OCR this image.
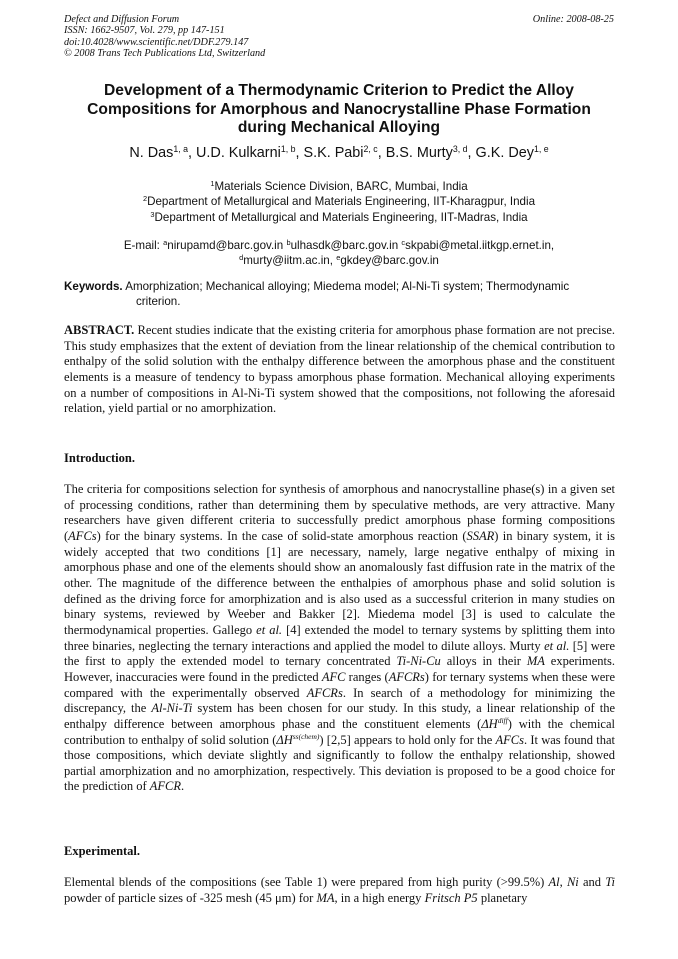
Defect and Diffusion Forum
ISSN: 1662-9507, Vol. 279, pp 147-151
doi:10.4028/www.scientific.net/DDF.279.147
© 2008 Trans Tech Publications Ltd, Switzerland
Online: 2008-08-25
Development of a Thermodynamic Criterion to Predict the Alloy
Compositions for Amorphous and Nanocrystalline Phase Formation
during Mechanical Alloying
N. Das$^{1, a}$, U.D. Kulkarni$^{1, b}$, S.K. Pabi$^{2, c}$, B.S. Murty$^{3, d}$, G.K. Dey$^{1, e}$
$^1$Materials Science Division, BARC, Mumbai, India
$^2$Department of Metallurgical and Materials Engineering, IIT-Kharagpur, India
$^3$Department of Metallurgical and Materials Engineering, IIT-Madras, India
E-mail: $^a$nirupamd@barc.gov.in $^b$ulhasdk@barc.gov.in $^c$skpabi@metal.iitkgp.ernet.in,
$^d$murty@iitm.ac.in, $^e$gkdey@barc.gov.in
Keywords. Amorphization; Mechanical alloying; Miedema model; Al-Ni-Ti system; Thermodynamic
criterion.
ABSTRACT. Recent studies indicate that the existing criteria for amorphous phase formation are not precise. This study emphasizes that the extent of deviation from the linear relationship of the chemical contribution to enthalpy of the solid solution with the enthalpy difference between the amorphous phase and the constituent elements is a measure of tendency to bypass amorphous phase formation. Mechanical alloying experiments on a number of compositions in Al-Ni-Ti system showed that the compositions, not following the aforesaid relation, yield partial or no amorphization.
Introduction.
The criteria for compositions selection for synthesis of amorphous and nanocrystalline phase(s) in a given set of processing conditions, rather than determining them by speculative methods, are very attractive. Many researchers have given different criteria to successfully predict amorphous phase forming compositions (AFCs) for the binary systems. In the case of solid-state amorphous reaction (SSAR) in binary system, it is widely accepted that two conditions [1] are necessary, namely, large negative enthalpy of mixing in amorphous phase and one of the elements should show an anomalously fast diffusion rate in the matrix of the other. The magnitude of the difference between the enthalpies of amorphous phase and solid solution is defined as the driving force for amorphization and is also used as a successful criterion in many studies on binary systems, reviewed by Weeber and Bakker [2]. Miedema model [3] is used to calculate the thermodynamical properties. Gallego et al. [4] extended the model to ternary systems by splitting them into three binaries, neglecting the ternary interactions and applied the model to dilute alloys. Murty et al. [5] were the first to apply the extended model to ternary concentrated Ti-Ni-Cu alloys in their MA experiments. However, inaccuracies were found in the predicted AFC ranges (AFCRs) for ternary systems when these were compared with the experimentally observed AFCRs. In search of a methodology for minimizing the discrepancy, the Al-Ni-Ti system has been chosen for our study. In this study, a linear relationship of the enthalpy difference between amorphous phase and the constituent elements $(\Delta H^{diff})$ with the chemical contribution to enthalpy of solid solution $(\Delta H^{ss(chem)})$ [2,5] appears to hold only for the AFCs. It was found that those compositions, which deviate slightly and significantly to follow the enthalpy relationship, showed partial amorphization and no amorphization, respectively. This deviation is proposed to be a good choice for the prediction of AFCR.
Experimental.
Elemental blends of the compositions (see Table 1) were prepared from high purity (>99.5%) Al, Ni and Ti powder of particle sizes of -325 mesh (45 μm) for MA, in a high energy Fritsch P5 planetary
